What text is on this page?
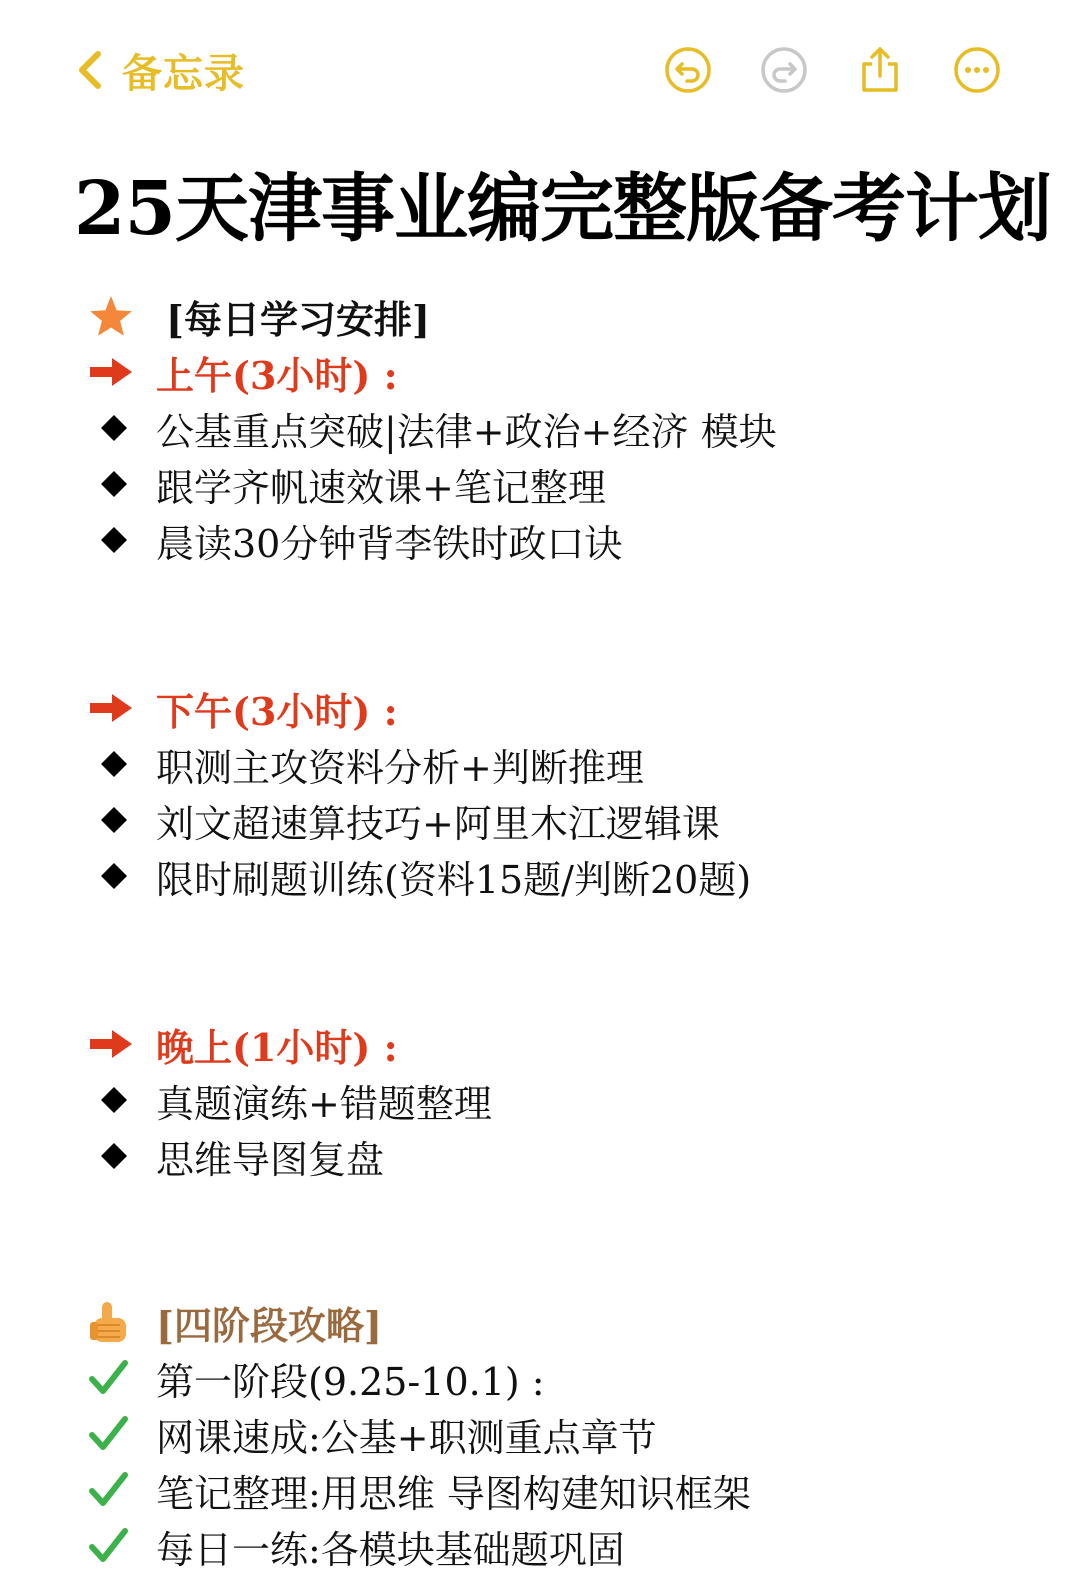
备忘录
25天津事业编完整版备考计划
[每日学习安排]
上午(3小时) :
公基重点突破|法律+政治+经济 模块
跟学齐帆速效课+笔记整理
晨读30分钟背李铁时政口诀
下午(3小时) :
职测主攻资料分析+判断推理
刘文超速算技巧+阿里木江逻辑课
限时刷题训练(资料15题/判断20题)
晚上(1小时) :
真题演练+错题整理
思维导图复盘
[四阶段攻略]
第一阶段(9.25-10.1) :
网课速成:公基+职测重点章节
笔记整理:用思维 导图构建知识框架
每日一练:各模块基础题巩固
